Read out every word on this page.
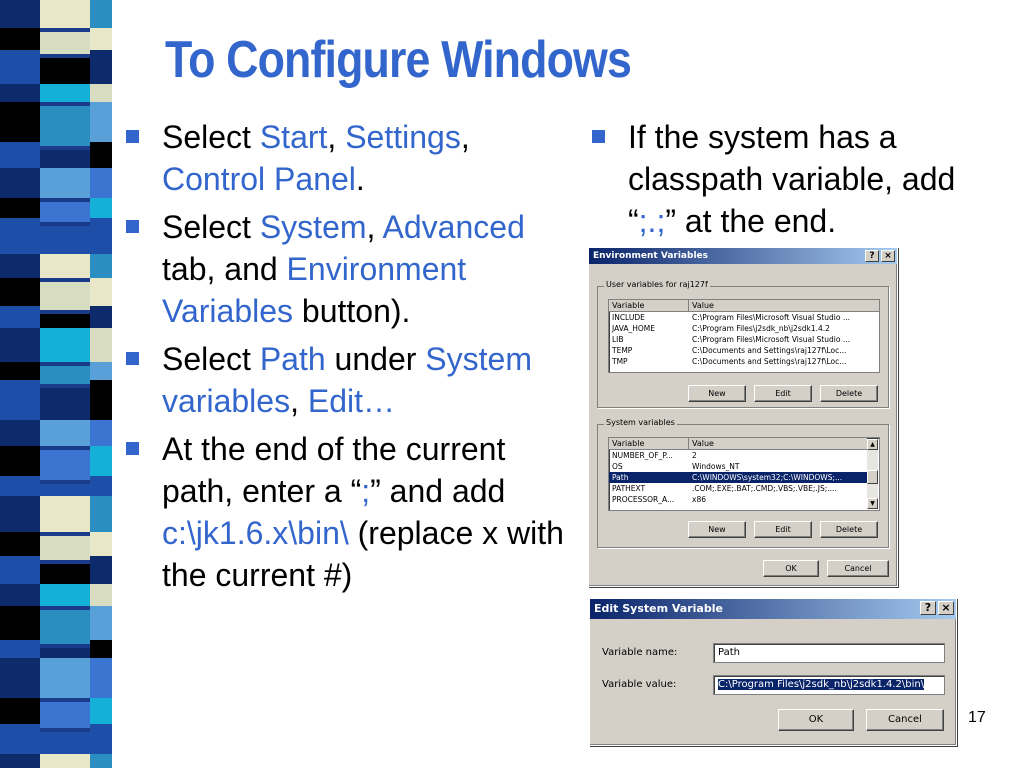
To Configure Windows
Select Start, Settings, Control Panel.
Select System, Advanced tab, and Environment Variables button).
Select Path under System variables, Edit…
At the end of the current path, enter a “;” and add c:\jk1.6.x\bin\ (replace x with the current #)
If the system has a classpath variable, add “;.;” at the end.
Environment Variables	?	×
User variables for raj127f
Variable	Value
INCLUDE	C:\Program Files\Microsoft Visual Studio ...
JAVA_HOME	C:\Program Files\j2sdk_nb\j2sdk1.4.2
LIB	C:\Program Files\Microsoft Visual Studio ...
TEMP	C:\Documents and Settings\raj127f\Loc...
TMP	C:\Documents and Settings\raj127f\Loc...
New	Edit	Delete
System variables
Variable	Value
NUMBER_OF_P...	2
OS	Windows_NT
Path	C:\WINDOWS\system32;C:\WINDOWS;...
PATHEXT	.COM;.EXE;.BAT;.CMD;.VBS;.VBE;.JS;....
PROCESSOR_A...	x86
▲
▼
New	Edit	Delete
OK	Cancel
Edit System Variable	? ×
Variable name:	Path
Variable value:	C:\Program Files\j2sdk_nb\j2sdk1.4.2\bin\
OK	Cancel	17
